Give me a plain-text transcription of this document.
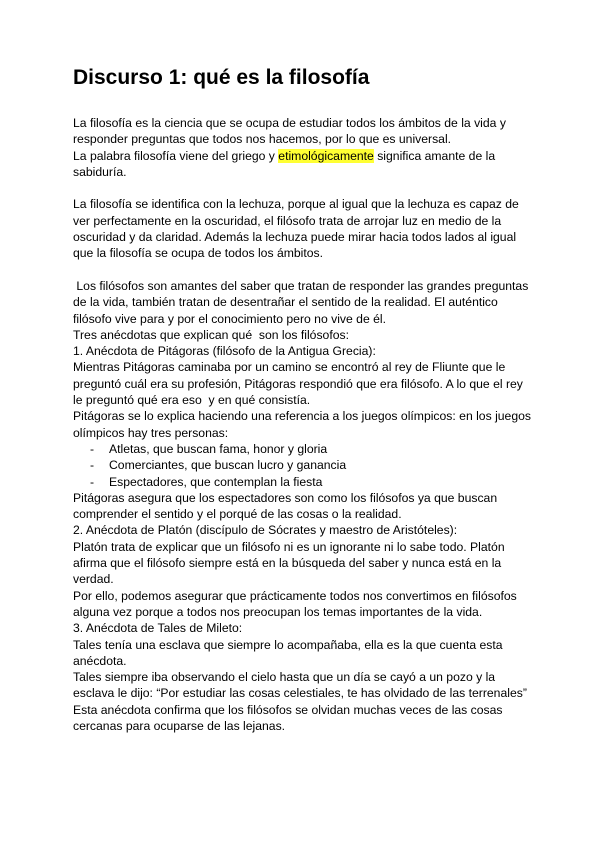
Discurso 1: qué es la filosofía

La filosofía es la ciencia que se ocupa de estudiar todos los ámbitos de la vida y

responder preguntas que todos nos hacemos, por lo que es universal.

La palabra filosofía viene del griego y etimológicamente significa amante de la

sabiduría.

La filosofía se identifica con la lechuza, porque al igual que la lechuza es capaz de

ver perfectamente en la oscuridad, el filósofo trata de arrojar luz en medio de la

oscuridad y da claridad. Además la lechuza puede mirar hacia todos lados al igual

que la filosofía se ocupa de todos los ámbitos.

Los filósofos son amantes del saber que tratan de responder las grandes preguntas

de la vida, también tratan de desentrañar el sentido de la realidad. El auténtico

filósofo vive para y por el conocimiento pero no vive de él.

Tres anécdotas que explican qué  son los filósofos:

1. Anécdota de Pitágoras (filósofo de la Antigua Grecia):

Mientras Pitágoras caminaba por un camino se encontró al rey de Fliunte que le

preguntó cuál era su profesión, Pitágoras respondió que era filósofo. A lo que el rey

le preguntó qué era eso  y en qué consistía.

Pitágoras se lo explica haciendo una referencia a los juegos olímpicos: en los juegos

olímpicos hay tres personas:

-	Atletas, que buscan fama, honor y gloria
-	Comerciantes, que buscan lucro y ganancia
-	Espectadores, que contemplan la fiesta

Pitágoras asegura que los espectadores son como los filósofos ya que buscan

comprender el sentido y el porqué de las cosas o la realidad.

2. Anécdota de Platón (discípulo de Sócrates y maestro de Aristóteles):

Platón trata de explicar que un filósofo ni es un ignorante ni lo sabe todo. Platón

afirma que el filósofo siempre está en la búsqueda del saber y nunca está en la

verdad.

Por ello, podemos asegurar que prácticamente todos nos convertimos en filósofos

alguna vez porque a todos nos preocupan los temas importantes de la vida.

3. Anécdota de Tales de Mileto:

Tales tenía una esclava que siempre lo acompañaba, ella es la que cuenta esta

anécdota.

Tales siempre iba observando el cielo hasta que un día se cayó a un pozo y la

esclava le dijo: “Por estudiar las cosas celestiales, te has olvidado de las terrenales”

Esta anécdota confirma que los filósofos se olvidan muchas veces de las cosas

cercanas para ocuparse de las lejanas.
